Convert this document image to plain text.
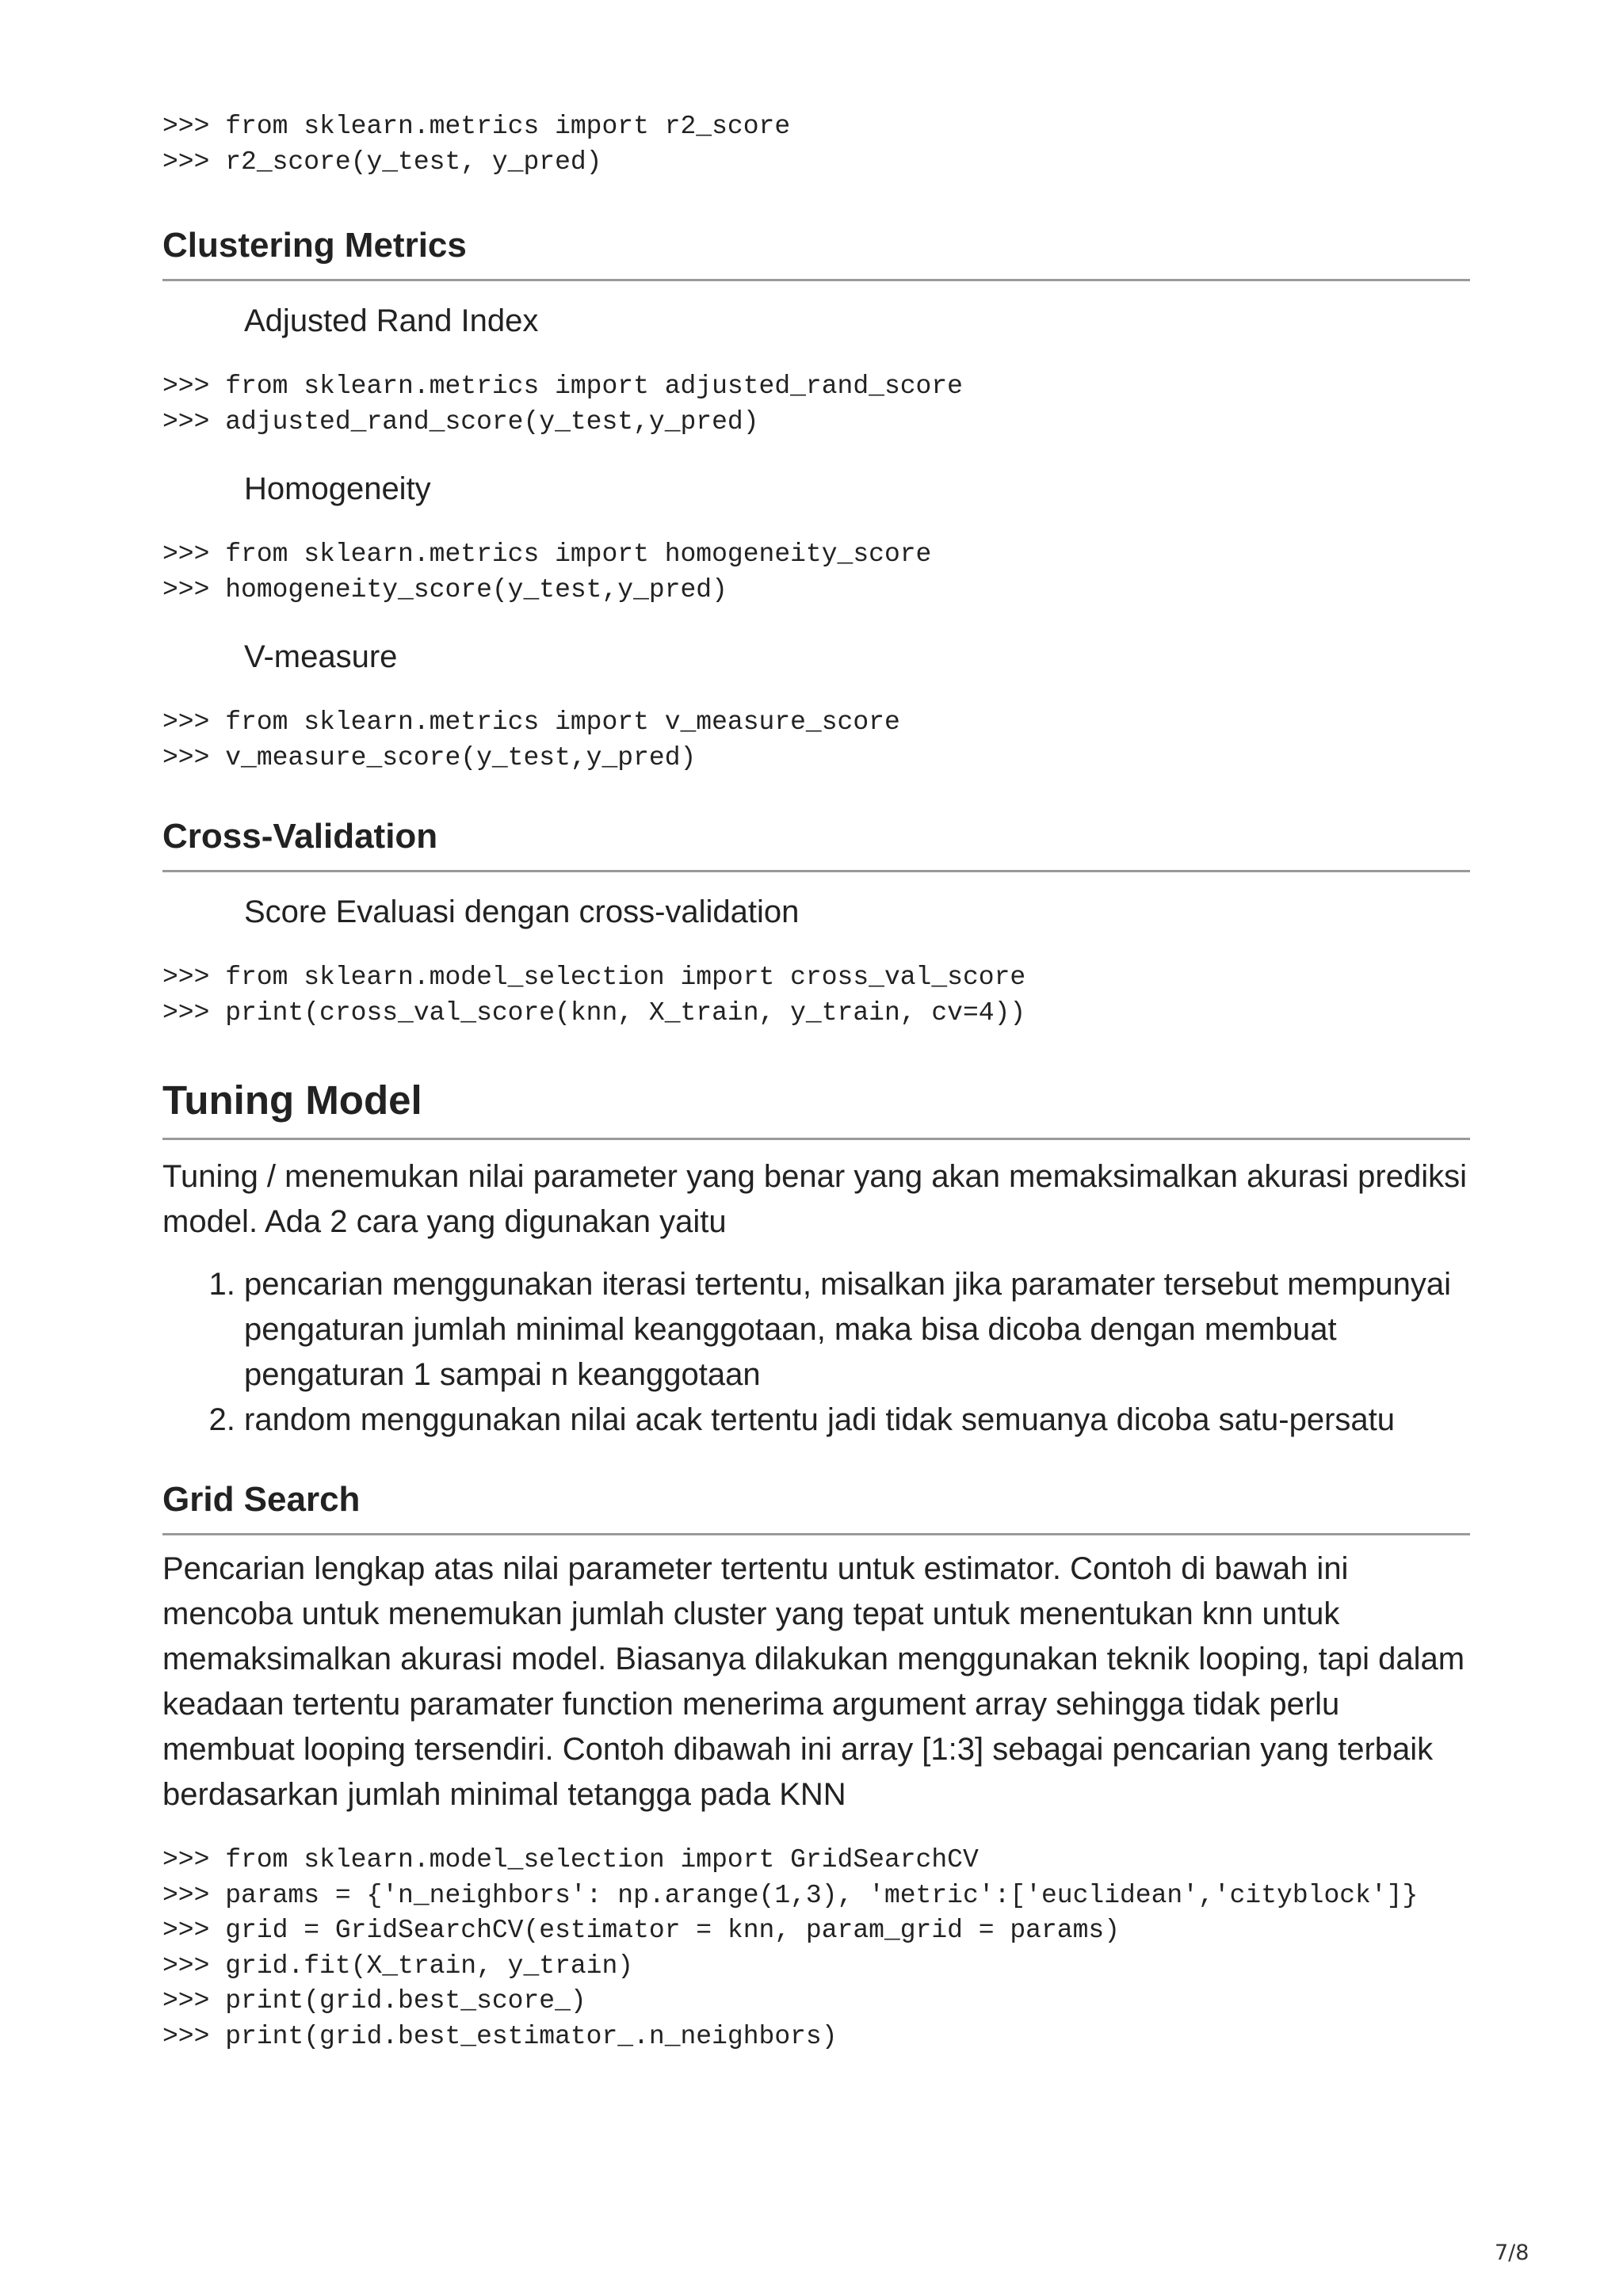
>>> from sklearn.metrics import r2_score
>>> r2_score(y_test, y_pred)
Clustering Metrics

Adjusted Rand Index

>>> from sklearn.metrics import adjusted_rand_score
>>> adjusted_rand_score(y_test,y_pred)

Homogeneity

>>> from sklearn.metrics import homogeneity_score
>>> homogeneity_score(y_test,y_pred)

V-measure

>>> from sklearn.metrics import v_measure_score
>>> v_measure_score(y_test,y_pred)
Cross-Validation

Score Evaluasi dengan cross-validation

>>> from sklearn.model_selection import cross_val_score
>>> print(cross_val_score(knn, X_train, y_train, cv=4))
Tuning Model

Tuning / menemukan nilai parameter yang benar yang akan memaksimalkan akurasi prediksi model. Ada 2 cara yang digunakan yaitu

1. pencarian menggunakan iterasi tertentu, misalkan jika paramater tersebut mempunyai pengaturan jumlah minimal keanggotaan, maka bisa dicoba dengan membuat pengaturan 1 sampai n keanggotaan
2. random menggunakan nilai acak tertentu jadi tidak semuanya dicoba satu-persatu
Grid Search

Pencarian lengkap atas nilai parameter tertentu untuk estimator. Contoh di bawah ini mencoba untuk menemukan jumlah cluster yang tepat untuk menentukan knn untuk memaksimalkan akurasi model. Biasanya dilakukan menggunakan teknik looping, tapi dalam keadaan tertentu paramater function menerima argument array sehingga tidak perlu membuat looping tersendiri. Contoh dibawah ini array [1:3] sebagai pencarian yang terbaik berdasarkan jumlah minimal tetangga pada KNN

>>> from sklearn.model_selection import GridSearchCV
>>> params = {'n_neighbors': np.arange(1,3), 'metric':['euclidean','cityblock']}
>>> grid = GridSearchCV(estimator = knn, param_grid = params)
>>> grid.fit(X_train, y_train)
>>> print(grid.best_score_)
>>> print(grid.best_estimator_.n_neighbors)
7/8
